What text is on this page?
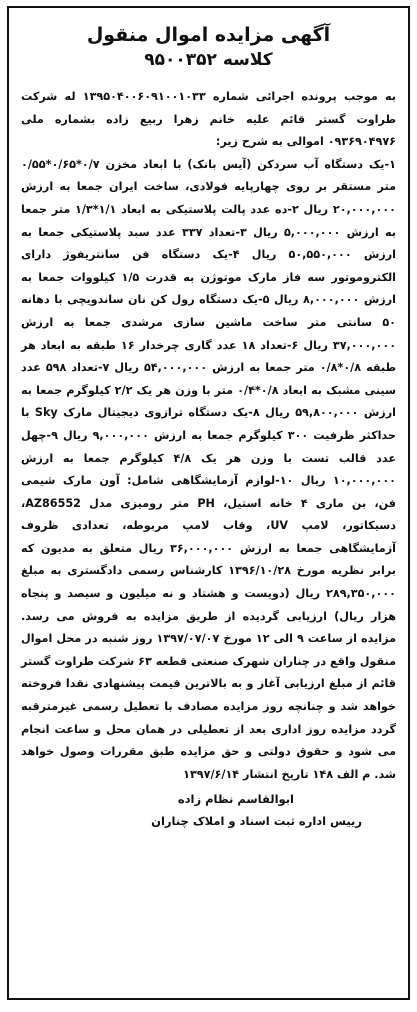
آگهی مزایده اموال منقول
کلاسه ۹۵۰۰۳۵۲
به موجب پرونده اجرائی شماره ۱۳۹۵۰۴۰۰۶۰۹۱۰۰۱۰۳۳ له شرکت طراوت گستر قائم علیه خانم زهرا ربیع زاده بشماره ملی ۰۹۳۶۹۰۴۹۷۶ اموالی به شرح زیر:
۱-یک دستگاه آب سردکن (آیس بانک) با ابعاد مخزن ۰/۷*۰/۶۵*۰/۵۵ متر مستقر بر روی چهارپایه فولادی، ساخت ایران جمعا به ارزش ۲۰,۰۰۰,۰۰۰ ریال ۲-ده عدد پالت پلاستیکی به ابعاد ۱/۱*۱/۳ متر جمعا به ارزش ۵,۰۰۰,۰۰۰ ریال ۳-تعداد ۳۳۷ عدد سبد پلاستیکی جمعا به ارزش ۵۰,۵۵۰,۰۰۰ ریال ۴-یک دستگاه فن سانتریفوژ دارای الکتروموتور سه فاز مارک موتوژن به قدرت ۱/۵ کیلووات جمعا به ارزش ۸,۰۰۰,۰۰۰ ریال ۵-یک دستگاه رول کن نان ساندویچی با دهانه ۵۰ سانتی متر ساخت ماشین سازی مرشدی جمعا به ارزش ۳۷,۰۰۰,۰۰۰ ریال ۶-تعداد ۱۸ عدد گاری چرخدار ۱۶ طبقه به ابعاد هر طبقه ۰/۸*۰/۸ متر جمعا به ارزش ۵۴,۰۰۰,۰۰۰ ریال ۷-تعداد ۵۹۸ عدد سینی مشبک به ابعاد ۰/۸*۰/۴ متر با وزن هر یک ۲/۲ کیلوگرم جمعا به ارزش ۵۹,۸۰۰,۰۰۰ ریال ۸-یک دستگاه ترازوی دیجیتال مارک Sky با حداکثر ظرفیت ۳۰۰ کیلوگرم جمعا به ارزش ۹,۰۰۰,۰۰۰ ریال ۹-چهل عدد قالب تست با وزن هر یک ۴/۸ کیلوگرم جمعا به ارزش ۱۰,۰۰۰,۰۰۰ ریال ۱۰-لوازم آزمایشگاهی شامل: آون مارک شیمی فن، بن ماری ۴ خانه استیل، PH متر رومیزی مدل AZ86552، دسیکاتور، لامپ UV، وقاب لامپ مربوطه، تعدادی ظروف آزمایشگاهی جمعا به ارزش ۳۶,۰۰۰,۰۰۰ ریال متعلق به مدیون که برابر نظریه مورخ ۱۳۹۶/۱۰/۲۸ کارشناس رسمی دادگستری به مبلغ ۲۸۹,۳۵۰,۰۰۰ ریال (دویست و هشتاد و نه میلیون و سیصد و پنجاه هزار ریال) ارزیابی گردیده از طریق مزایده به فروش می رسد. مزایده از ساعت ۹ الی ۱۲ مورخ ۱۳۹۷/۰۷/۰۷ روز شنبه در محل اموال منقول واقع در چناران شهرک صنعتی قطعه ۶۳ شرکت طراوت گستر قائم از مبلغ ارزیابی آغاز و به بالاترین قیمت پیشنهادی نقدا فروخته خواهد شد و چنانچه روز مزایده مصادف با تعطیل رسمی غیرمترقبه گردد مزایده روز اداری بعد از تعطیلی در همان محل و ساعت انجام می شود و حقوق دولتی و حق مزایده طبق مقررات وصول خواهد شد. م الف ۱۴۸ تاریخ انتشار ۱۳۹۷/۶/۱۴
ابوالقاسم نظام زاده
رییس اداره ثبت اسناد و املاک چناران
